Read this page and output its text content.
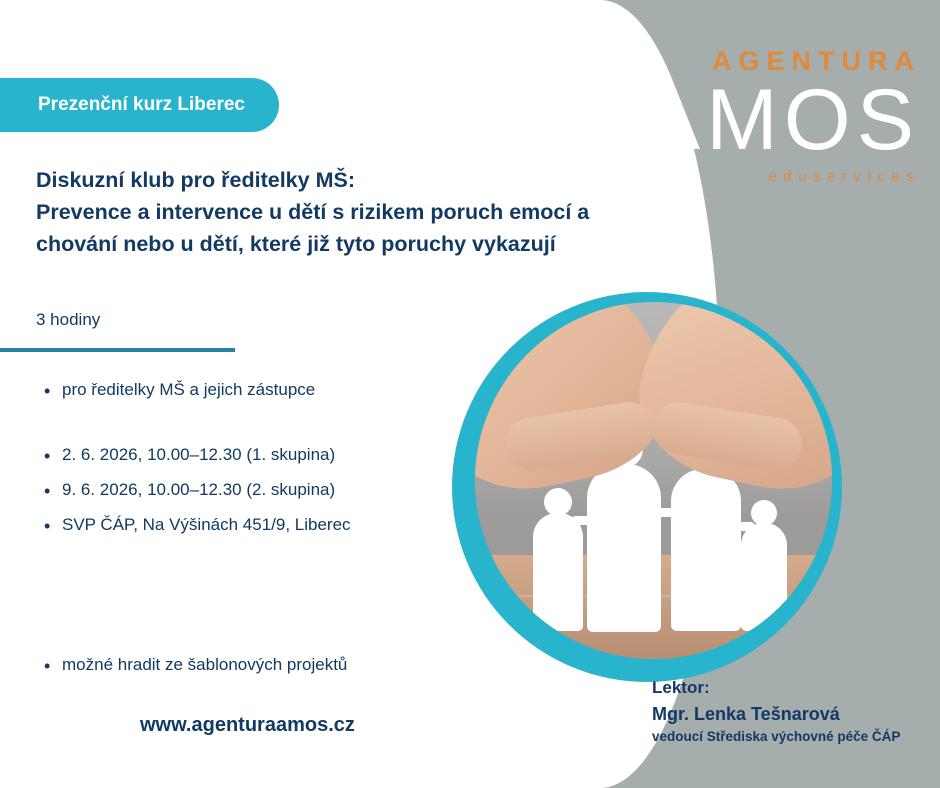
AGENTURA
AMOS
eduservices
Prezenční kurz Liberec
Diskuzní klub pro ředitelky MŠ:
Prevence a intervence u dětí s rizikem poruch emocí a chování nebo u dětí, které již tyto poruchy vykazují
3 hodiny
• pro ředitelky MŠ a jejich zástupce
• 2. 6. 2026, 10.00–12.30 (1. skupina)
• 9. 6. 2026, 10.00–12.30 (2. skupina)
• SVP ČÁP, Na Výšinách 451/9, Liberec
• možné hradit ze šablonových projektů
www.agenturaamos.cz
Lektor:
Mgr. Lenka Tešnarová
vedoucí Střediska výchovné péče ČÁP
